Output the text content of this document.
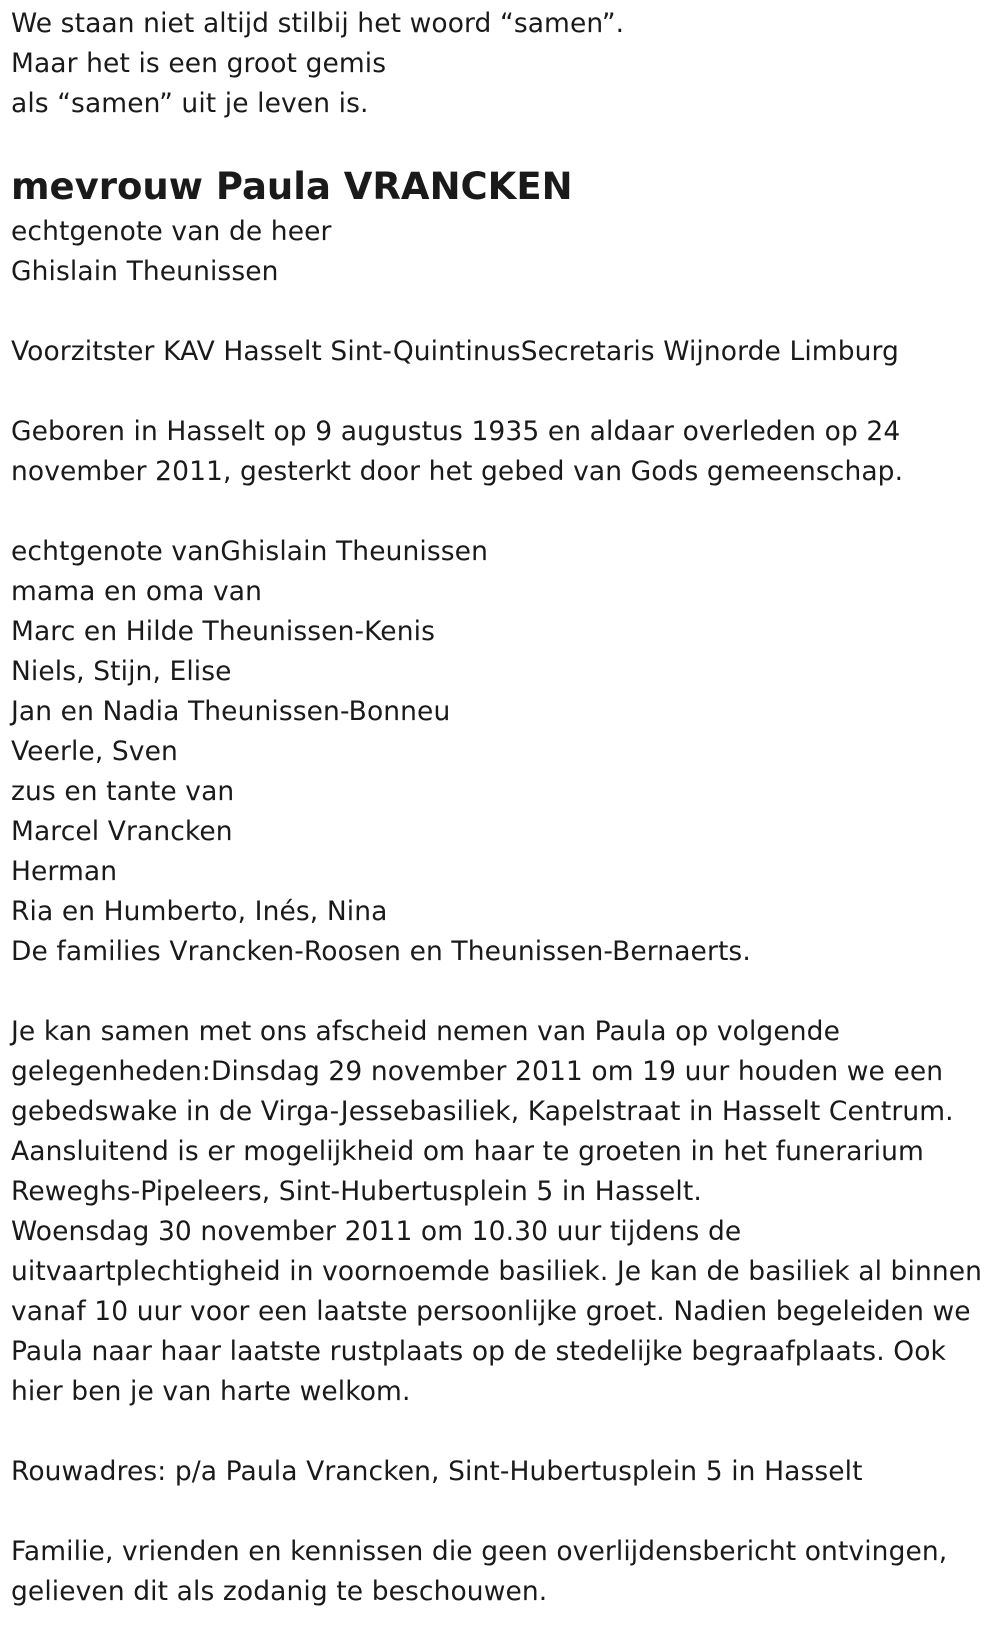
We staan niet altijd stilbij het woord “samen”.
Maar het is een groot gemis
als “samen” uit je leven is.
mevrouw Paula VRANCKEN
echtgenote van de heer
Ghislain Theunissen
Voorzitster KAV Hasselt Sint-QuintinusSecretaris Wijnorde Limburg
Geboren in Hasselt op 9 augustus 1935 en aldaar overleden op 24
november 2011, gesterkt door het gebed van Gods gemeenschap.
echtgenote vanGhislain Theunissen
mama en oma van
Marc en Hilde Theunissen-Kenis
Niels, Stijn, Elise
Jan en Nadia Theunissen-Bonneu
Veerle, Sven
zus en tante van
Marcel Vrancken
Herman
Ria en Humberto, Inés, Nina
De families Vrancken-Roosen en Theunissen-Bernaerts.
Je kan samen met ons afscheid nemen van Paula op volgende
gelegenheden:Dinsdag 29 november 2011 om 19 uur houden we een
gebedswake in de Virga-Jessebasiliek, Kapelstraat in Hasselt Centrum.
Aansluitend is er mogelijkheid om haar te groeten in het funerarium
Reweghs-Pipeleers, Sint-Hubertusplein 5 in Hasselt.
Woensdag 30 november 2011 om 10.30 uur tijdens de
uitvaartplechtigheid in voornoemde basiliek. Je kan de basiliek al binnen
vanaf 10 uur voor een laatste persoonlijke groet. Nadien begeleiden we
Paula naar haar laatste rustplaats op de stedelijke begraafplaats. Ook
hier ben je van harte welkom.
Rouwadres: p/a Paula Vrancken, Sint-Hubertusplein 5 in Hasselt
Familie, vrienden en kennissen die geen overlijdensbericht ontvingen,
gelieven dit als zodanig te beschouwen.
